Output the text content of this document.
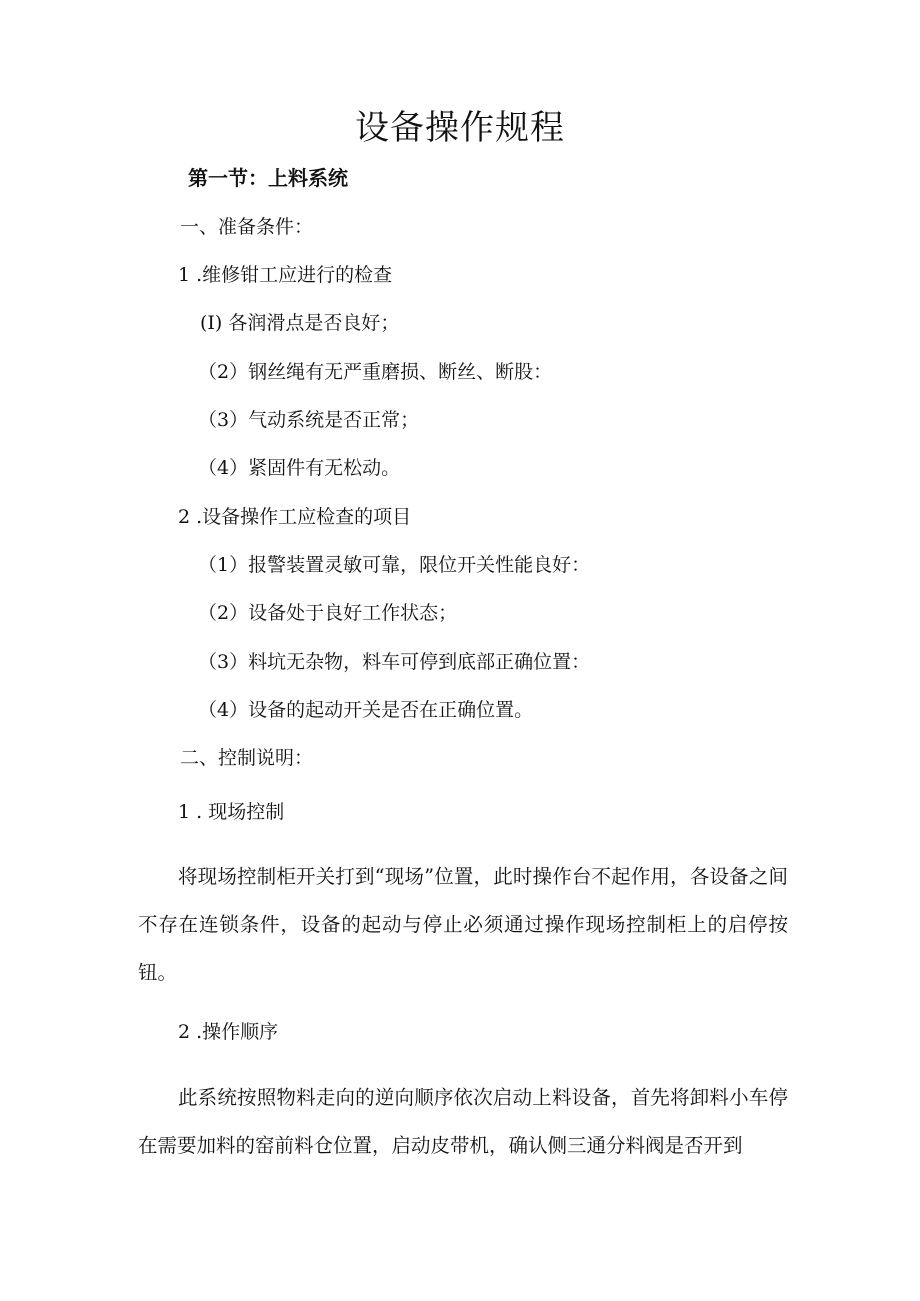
设备操作规程
第一节：上料系统
一、准备条件：
1 .维修钳工应进行的检查
(I) 各润滑点是否良好；
（2）钢丝绳有无严重磨损、断丝、断股：
（3）气动系统是否正常；
（4）紧固件有无松动。
2 .设备操作工应检查的项目
（1）报警装置灵敏可靠，限位开关性能良好：
（2）设备处于良好工作状态；
（3）料坑无杂物，料车可停到底部正确位置：
（4）设备的起动开关是否在正确位置。
二、控制说明：
1 . 现场控制
将现场控制柜开关打到“现场”位置，此时操作台不起作用，各设备之间不存在连锁条件，设备的起动与停止必须通过操作现场控制柜上的启停按钮。
2 .操作顺序
此系统按照物料走向的逆向顺序依次启动上料设备，首先将卸料小车停在需要加料的窑前料仓位置，启动皮带机，确认侧三通分料阀是否开到
